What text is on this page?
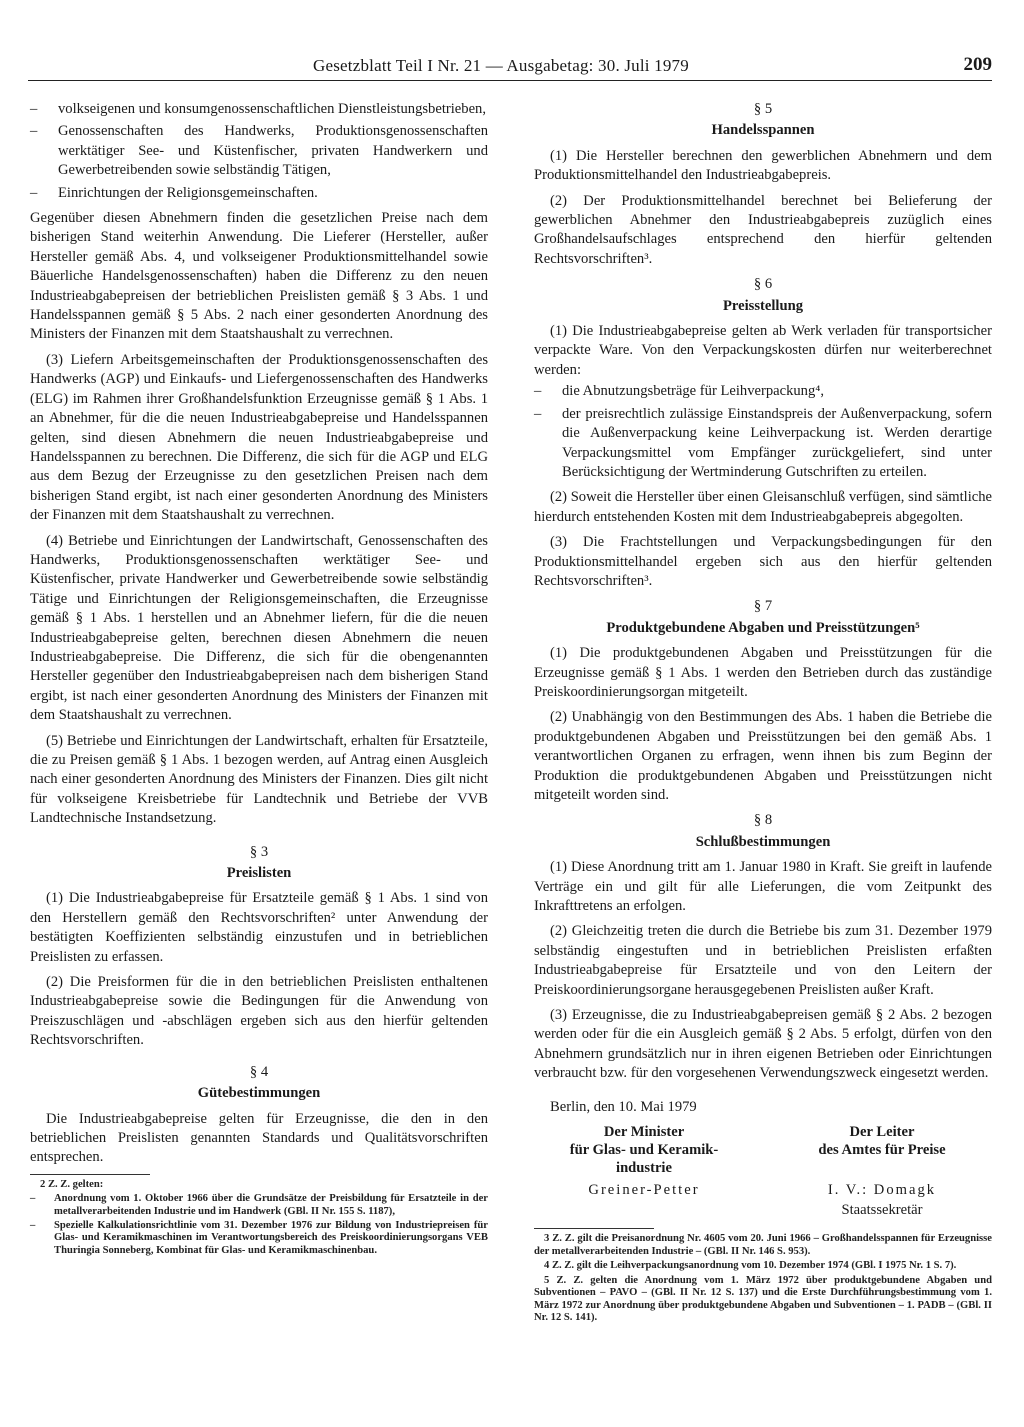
Gesetzblatt Teil I Nr. 21 — Ausgabetag: 30. Juli 1979	209

– volkseigenen und konsumgenossenschaftlichen Dienstleistungsbetrieben,

– Genossenschaften des Handwerks, Produktionsgenossenschaften werktätiger See- und Küstenfischer, privaten Handwerkern und Gewerbetreibenden sowie selbständig Tätigen,

– Einrichtungen der Religionsgemeinschaften.

Gegenüber diesen Abnehmern finden die gesetzlichen Preise nach dem bisherigen Stand weiterhin Anwendung. Die Lieferer (Hersteller, außer Hersteller gemäß Abs. 4, und volkseigener Produktionsmittelhandel sowie Bäuerliche Handelsgenossenschaften) haben die Differenz zu den neuen Industrieabgabepreisen der betrieblichen Preislisten gemäß § 3 Abs. 1 und Handelsspannen gemäß § 5 Abs. 2 nach einer gesonderten Anordnung des Ministers der Finanzen mit dem Staatshaushalt zu verrechnen.

(3) Liefern Arbeitsgemeinschaften der Produktionsgenossenschaften des Handwerks (AGP) und Einkaufs- und Liefergenossenschaften des Handwerks (ELG) im Rahmen ihrer Großhandelsfunktion Erzeugnisse gemäß § 1 Abs. 1 an Abnehmer, für die die neuen Industrieabgabepreise und Handelsspannen gelten, sind diesen Abnehmern die neuen Industrieabgabepreise und Handelsspannen zu berechnen. Die Differenz, die sich für die AGP und ELG aus dem Bezug der Erzeugnisse zu den gesetzlichen Preisen nach dem bisherigen Stand ergibt, ist nach einer gesonderten Anordnung des Ministers der Finanzen mit dem Staatshaushalt zu verrechnen.

(4) Betriebe und Einrichtungen der Landwirtschaft, Genossenschaften des Handwerks, Produktionsgenossenschaften werktätiger See- und Küstenfischer, private Handwerker und Gewerbetreibende sowie selbständig Tätige und Einrichtungen der Religionsgemeinschaften, die Erzeugnisse gemäß § 1 Abs. 1 herstellen und an Abnehmer liefern, für die die neuen Industrieabgabepreise gelten, berechnen diesen Abnehmern die neuen Industrieabgabepreise. Die Differenz, die sich für die obengenannten Hersteller gegenüber den Industrieabgabepreisen nach dem bisherigen Stand ergibt, ist nach einer gesonderten Anordnung des Ministers der Finanzen mit dem Staatshaushalt zu verrechnen.

(5) Betriebe und Einrichtungen der Landwirtschaft, erhalten für Ersatzteile, die zu Preisen gemäß § 1 Abs. 1 bezogen werden, auf Antrag einen Ausgleich nach einer gesonderten Anordnung des Ministers der Finanzen. Dies gilt nicht für volkseigene Kreisbetriebe für Landtechnik und Betriebe der VVB Landtechnische Instandsetzung.

§ 3

Preislisten

(1) Die Industrieabgabepreise für Ersatzteile gemäß § 1 Abs. 1 sind von den Herstellern gemäß den Rechtsvorschriften² unter Anwendung der bestätigten Koeffizienten selbständig einzustufen und in betrieblichen Preislisten zu erfassen.

(2) Die Preisformen für die in den betrieblichen Preislisten enthaltenen Industrieabgabepreise sowie die Bedingungen für die Anwendung von Preiszuschlägen und -abschlägen ergeben sich aus den hierfür geltenden Rechtsvorschriften.

§ 4

Gütebestimmungen

Die Industrieabgabepreise gelten für Erzeugnisse, die den in den betrieblichen Preislisten genannten Standards und Qualitätsvorschriften entsprechen.

2 Z. Z. gelten:

– Anordnung vom 1. Oktober 1966 über die Grundsätze der Preisbildung für Ersatzteile in der metallverarbeitenden Industrie und im Handwerk (GBl. II Nr. 155 S. 1187),

– Spezielle Kalkulationsrichtlinie vom 31. Dezember 1976 zur Bildung von Industriepreisen für Glas- und Keramikmaschinen im Verantwortungsbereich des Preiskoordinierungsorgans VEB Thuringia Sonneberg, Kombinat für Glas- und Keramikmaschinenbau.

§ 5

Handelsspannen

(1) Die Hersteller berechnen den gewerblichen Abnehmern und dem Produktionsmittelhandel den Industrieabgabepreis.

(2) Der Produktionsmittelhandel berechnet bei Belieferung der gewerblichen Abnehmer den Industrieabgabepreis zuzüglich eines Großhandelsaufschlages entsprechend den hierfür geltenden Rechtsvorschriften³.

§ 6

Preisstellung

(1) Die Industrieabgabepreise gelten ab Werk verladen für transportsicher verpackte Ware. Von den Verpackungskosten dürfen nur weiterberechnet werden:

– die Abnutzungsbeträge für Leihverpackung⁴,

– der preisrechtlich zulässige Einstandspreis der Außenverpackung, sofern die Außenverpackung keine Leihverpackung ist. Werden derartige Verpackungsmittel vom Empfänger zurückgeliefert, sind unter Berücksichtigung der Wertminderung Gutschriften zu erteilen.

(2) Soweit die Hersteller über einen Gleisanschluß verfügen, sind sämtliche hierdurch entstehenden Kosten mit dem Industrieabgabepreis abgegolten.

(3) Die Frachtstellungen und Verpackungsbedingungen für den Produktionsmittelhandel ergeben sich aus den hierfür geltenden Rechtsvorschriften³.

§ 7

Produktgebundene Abgaben und Preisstützungen⁵

(1) Die produktgebundenen Abgaben und Preisstützungen für die Erzeugnisse gemäß § 1 Abs. 1 werden den Betrieben durch das zuständige Preiskoordinierungsorgan mitgeteilt.

(2) Unabhängig von den Bestimmungen des Abs. 1 haben die Betriebe die produktgebundenen Abgaben und Preisstützungen bei den gemäß Abs. 1 verantwortlichen Organen zu erfragen, wenn ihnen bis zum Beginn der Produktion die produktgebundenen Abgaben und Preisstützungen nicht mitgeteilt worden sind.

§ 8

Schlußbestimmungen

(1) Diese Anordnung tritt am 1. Januar 1980 in Kraft. Sie greift in laufende Verträge ein und gilt für alle Lieferungen, die vom Zeitpunkt des Inkrafttretens an erfolgen.

(2) Gleichzeitig treten die durch die Betriebe bis zum 31. Dezember 1979 selbständig eingestuften und in betrieblichen Preislisten erfaßten Industrieabgabepreise für Ersatzteile und von den Leitern der Preiskoordinierungsorgane herausgegebenen Preislisten außer Kraft.

(3) Erzeugnisse, die zu Industrieabgabepreisen gemäß § 2 Abs. 2 bezogen werden oder für die ein Ausgleich gemäß § 2 Abs. 5 erfolgt, dürfen von den Abnehmern grundsätzlich nur in ihren eigenen Betrieben oder Einrichtungen verbraucht bzw. für den vorgesehenen Verwendungszweck eingesetzt werden.

Berlin, den 10. Mai 1979

Der Minister
für Glas- und Keramik-
industrie
Greiner-Petter
Der Leiter
des Amtes für Preise
I. V.: Domagk
Staatssekretär

3 Z. Z. gilt die Preisanordnung Nr. 4605 vom 20. Juni 1966 – Großhandelsspannen für Erzeugnisse der metallverarbeitenden Industrie – (GBl. II Nr. 146 S. 953).

4 Z. Z. gilt die Leihverpackungsanordnung vom 10. Dezember 1974 (GBl. I 1975 Nr. 1 S. 7).

5 Z. Z. gelten die Anordnung vom 1. März 1972 über produktgebundene Abgaben und Subventionen – PAVO – (GBl. II Nr. 12 S. 137) und die Erste Durchführungsbestimmung vom 1. März 1972 zur Anordnung über produktgebundene Abgaben und Subventionen – 1. PADB – (GBl. II Nr. 12 S. 141).
